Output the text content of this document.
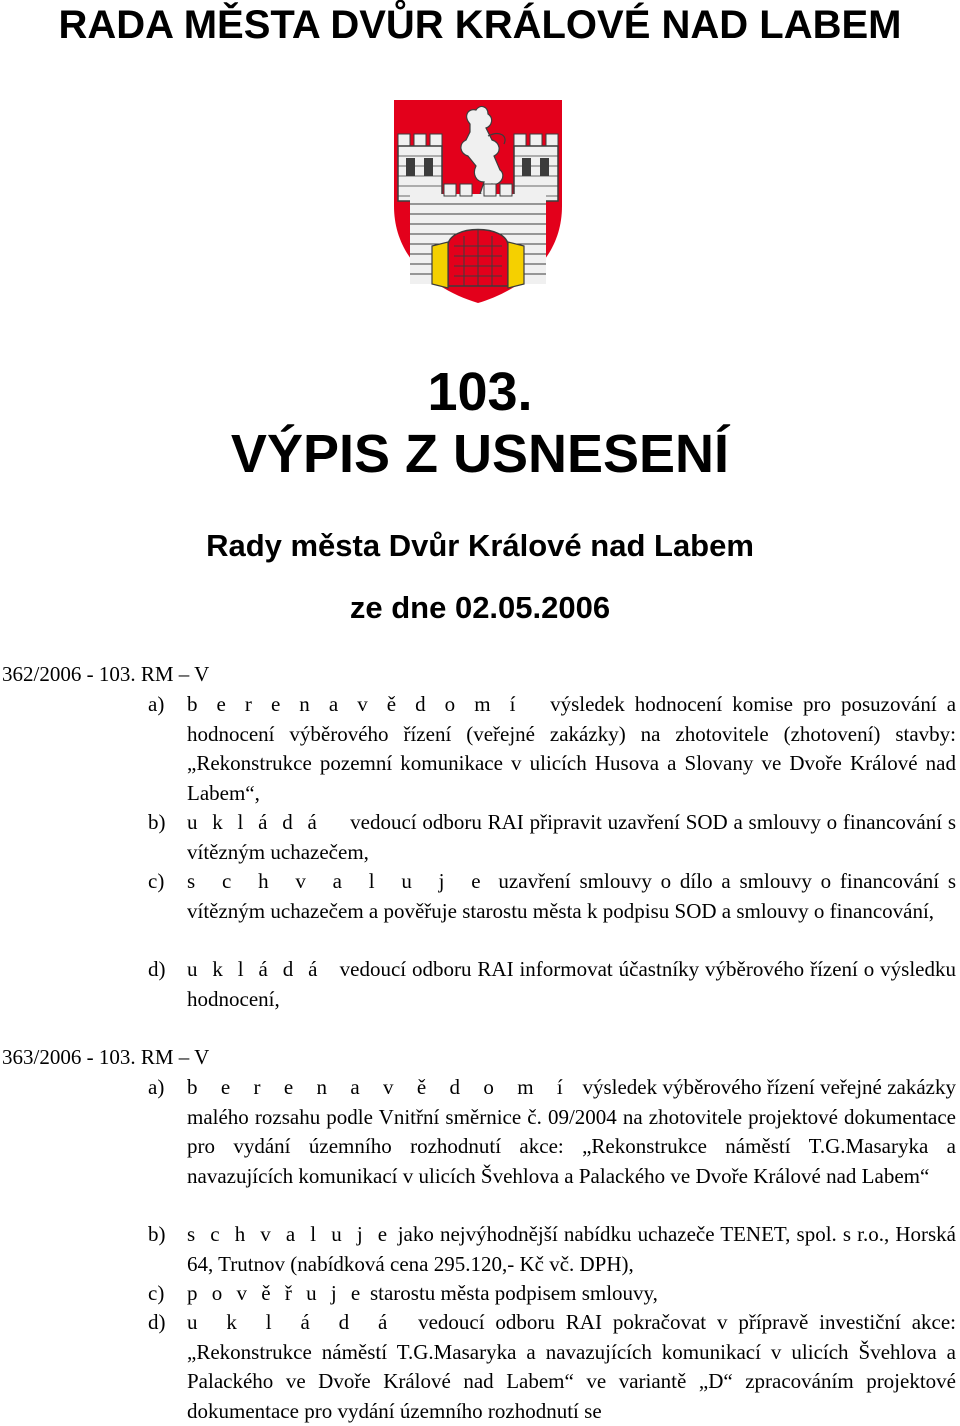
RADA MĚSTA DVŮR KRÁLOVÉ NAD LABEM
103.
VÝPIS Z USNESENÍ
Rady města Dvůr Králové nad Labem
ze dne 02.05.2006
362/2006 - 103. RM – V
a)	b e r e n a v ě d o m í výsledek hodnocení komise pro posuzování a hodnocení výběrového řízení (veřejné zakázky) na zhotovitele (zhotovení) stavby: „Rekonstrukce pozemní komunikace v ulicích Husova a Slovany ve Dvoře Králové nad Labem“,
b)	u k l á d á vedoucí odboru RAI připravit uzavření SOD a smlouvy o financování s vítězným uchazečem,
c)	s c h v a l u j e uzavření smlouvy o dílo a smlouvy o financování s vítězným uchazečem a pověřuje starostu města k podpisu SOD a smlouvy o financování,
d)	u k l á d á vedoucí odboru RAI informovat účastníky výběrového řízení o výsledku hodnocení,
363/2006 - 103. RM – V
a)	b e r e n a v ě d o m í výsledek výběrového řízení veřejné zakázky malého rozsahu podle Vnitřní směrnice č. 09/2004 na zhotovitele projektové dokumentace pro vydání územního rozhodnutí akce: „Rekonstrukce náměstí T.G.Masaryka a navazujících komunikací v ulicích Švehlova a Palackého ve Dvoře Králové nad Labem“
b)	s c h v a l u j e jako nejvýhodnější nabídku uchazeče TENET, spol. s r.o., Horská 64, Trutnov (nabídková cena 295.120,- Kč vč. DPH),
c)	p o v ě ř u j e starostu města podpisem smlouvy,
d)	u k l á d á vedoucí odboru RAI pokračovat v přípravě investiční akce: „Rekonstrukce náměstí T.G.Masaryka a navazujících komunikací v ulicích Švehlova a Palackého ve Dvoře Králové nad Labem“ ve variantě „D“ zpracováním projektové dokumentace pro vydání územního rozhodnutí se
